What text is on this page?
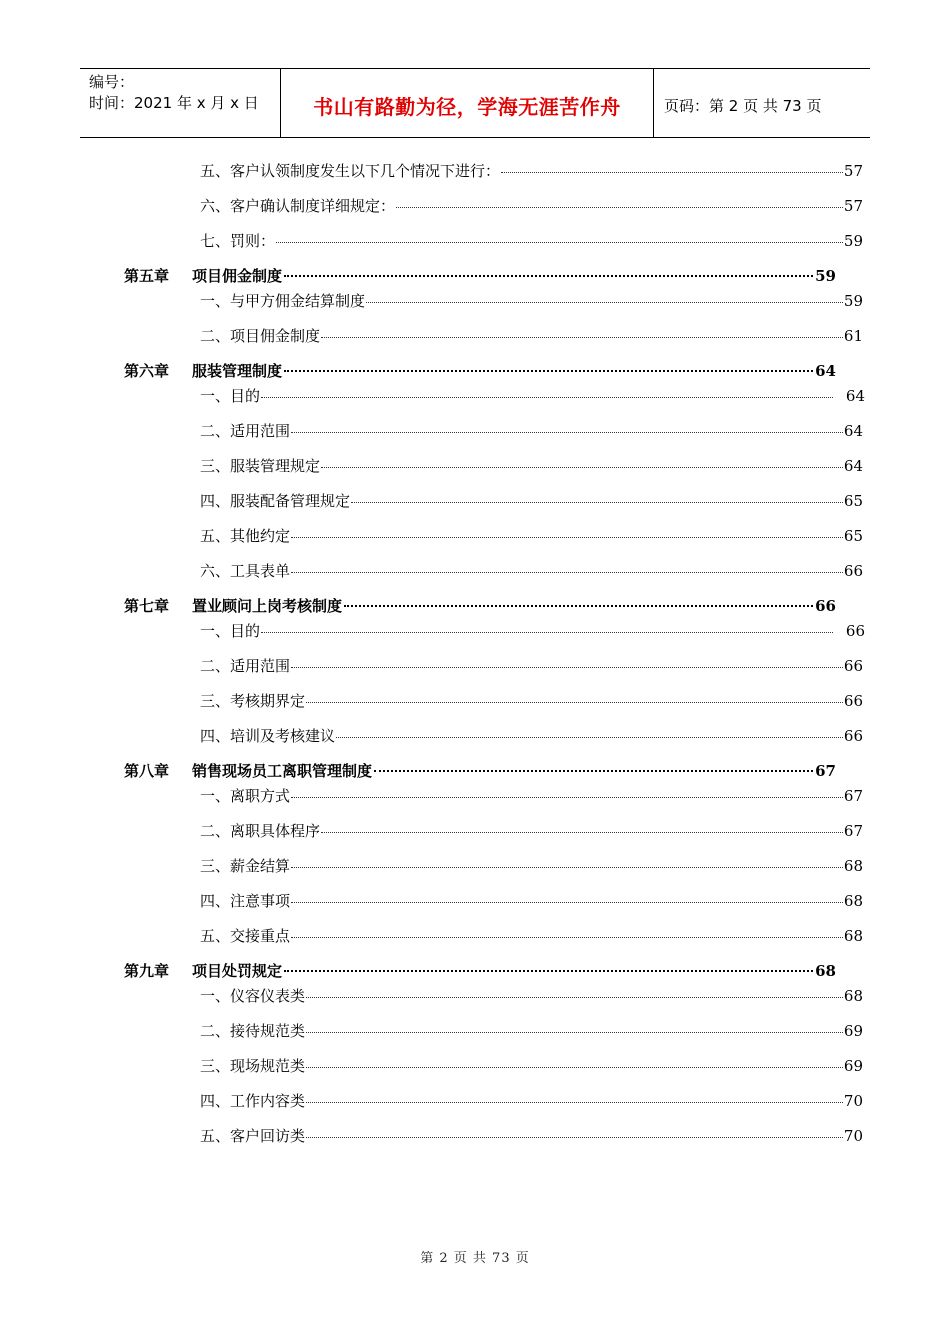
编号：
时间：2021 年 x 月 x 日	书山有路勤为径，学海无涯苦作舟	页码：第 2 页 共 73 页
五、客户认领制度发生以下几个情况下进行：	57
六、客户确认制度详细规定：	57
七、罚则：	59
第五章	项目佣金制度	59
一、与甲方佣金结算制度	59
二、项目佣金制度	61
第六章	服装管理制度	64
一、目的	64
二、适用范围	64
三、服装管理规定	64
四、服装配备管理规定	65
五、其他约定	65
六、工具表单	66
第七章	置业顾问上岗考核制度	66
一、目的	66
二、适用范围	66
三、考核期界定	66
四、培训及考核建议	66
第八章	销售现场员工离职管理制度	67
一、离职方式	67
二、离职具体程序	67
三、薪金结算	68
四、注意事项	68
五、交接重点	68
第九章	项目处罚规定	68
一、仪容仪表类	68
二、接待规范类	69
三、现场规范类	69
四、工作内容类	70
五、客户回访类	70
第 2 页 共 73 页
